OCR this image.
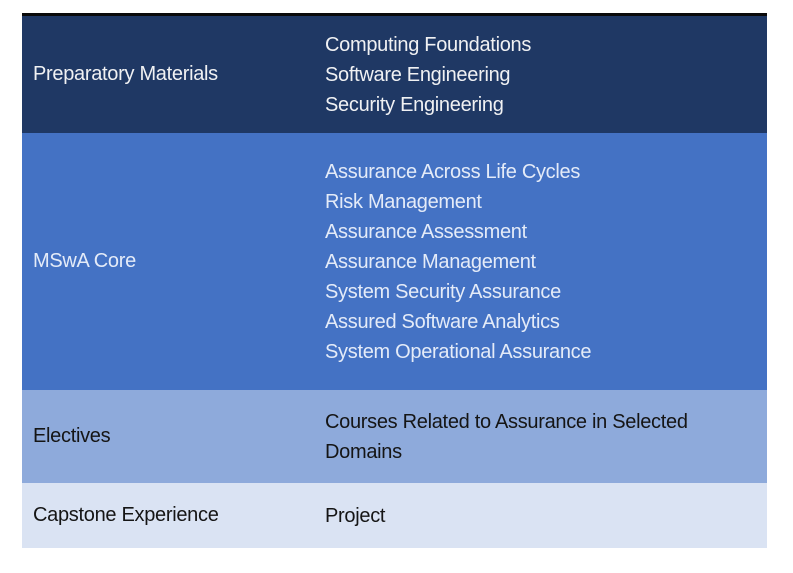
Preparatory Materials
Computing Foundations
Software Engineering
Security Engineering
MSwA Core
Assurance Across Life Cycles
Risk Management
Assurance Assessment
Assurance Management
System Security Assurance
Assured Software Analytics
System Operational Assurance
Electives
Courses Related to Assurance in Selected Domains
Capstone Experience	Project
